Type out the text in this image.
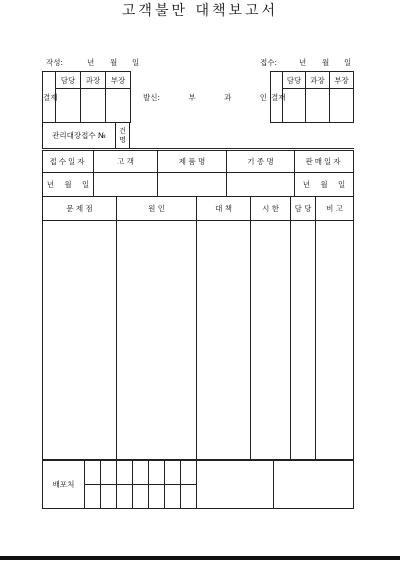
고객불만 대책보고서
작성:	년 월 일	접수:	년 월 일
결재	담당	과장	부장	발신: 부 과 인	결재	담당	과장	부장

관리대장접수 №	건명	
접수일자	고 객	제 품 명	기 종 명	판매일자
년 월 일				년 월 일
문 제 점	원 인	대 책	시 한	담 당	비 고

배포처									
